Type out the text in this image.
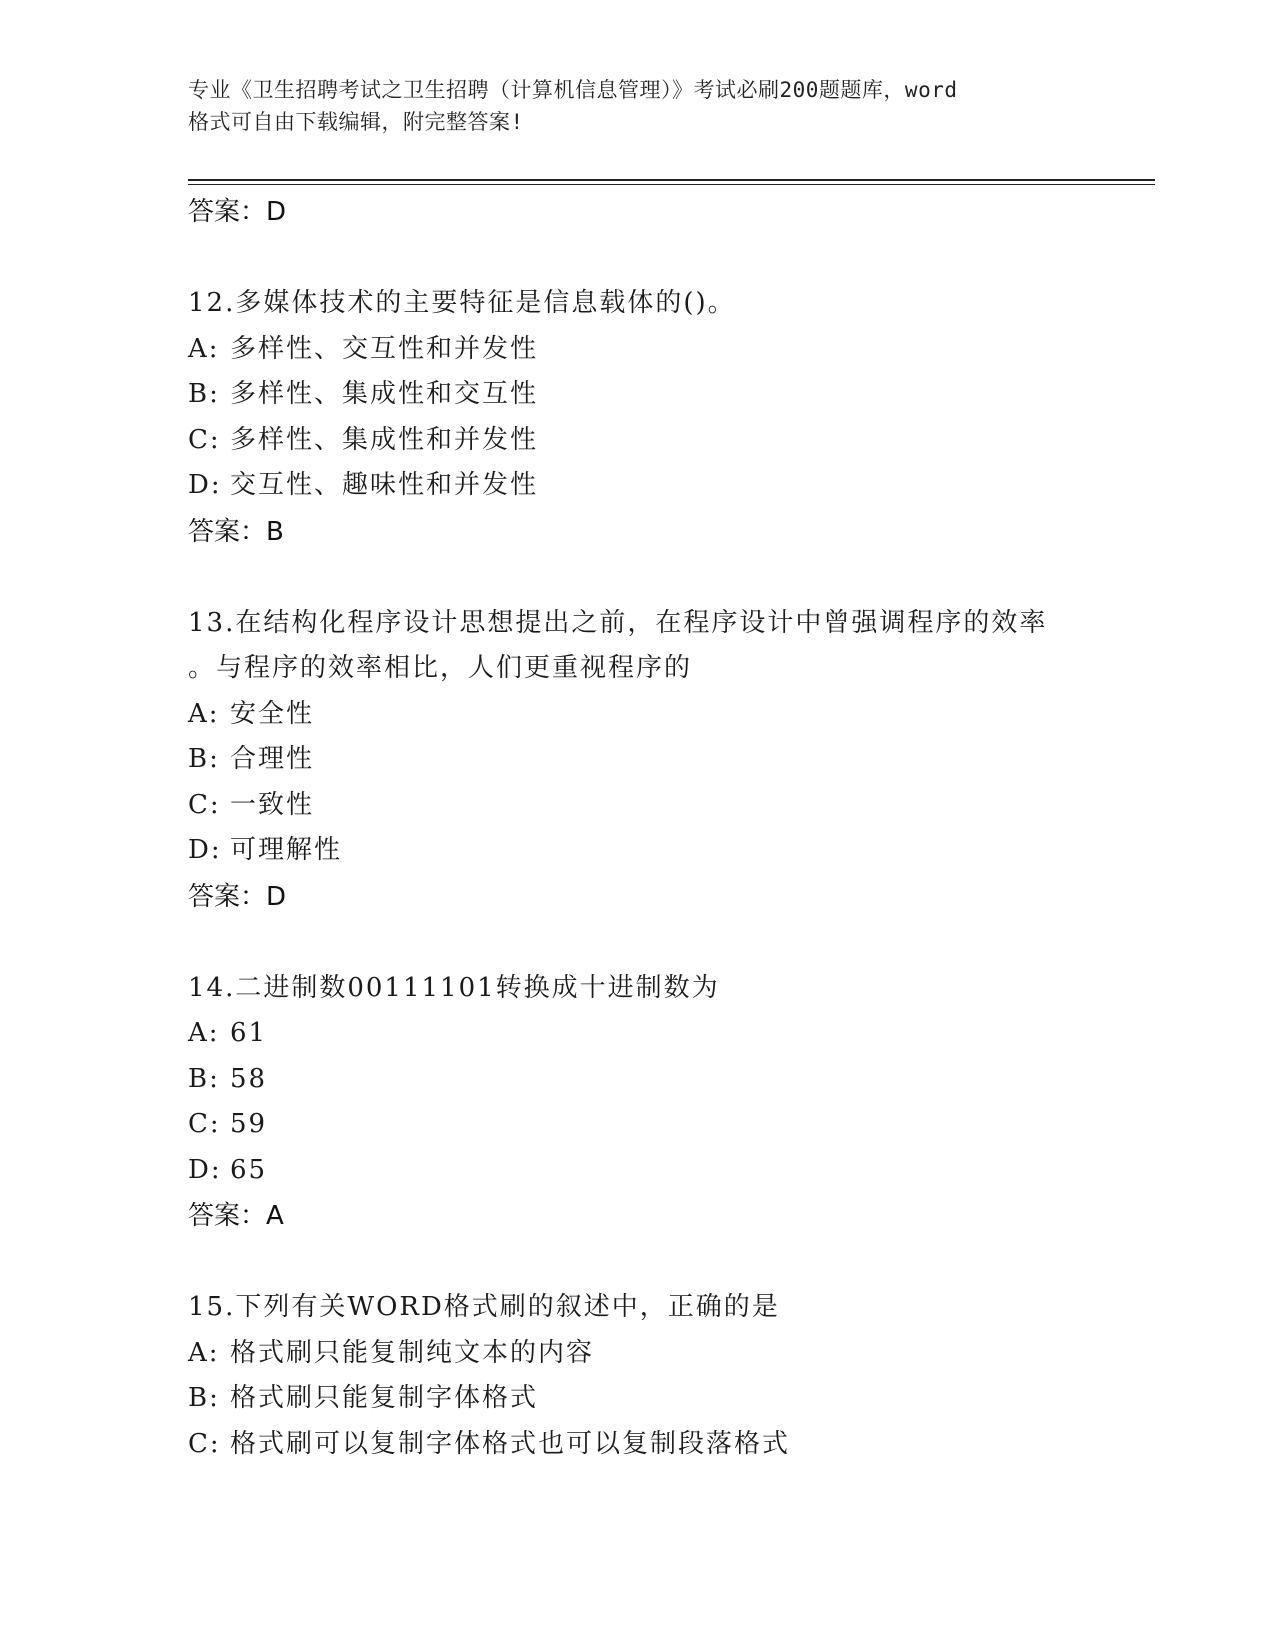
专业《卫生招聘考试之卫生招聘（计算机信息管理）》考试必刷200题题库，word
格式可自由下载编辑，附完整答案!
答案：D
12.多媒体技术的主要特征是信息载体的()。
A: 多样性、交互性和并发性
B: 多样性、集成性和交互性
C: 多样性、集成性和并发性
D: 交互性、趣味性和并发性
答案：B
13.在结构化程序设计思想提出之前，在程序设计中曾强调程序的效率
。与程序的效率相比，人们更重视程序的
A: 安全性
B: 合理性
C: 一致性
D: 可理解性
答案：D
14.二进制数00111101转换成十进制数为
A: 61
B: 58
C: 59
D: 65
答案：A
15.下列有关WORD格式刷的叙述中，正确的是
A: 格式刷只能复制纯文本的内容
B: 格式刷只能复制字体格式
C: 格式刷可以复制字体格式也可以复制段落格式
